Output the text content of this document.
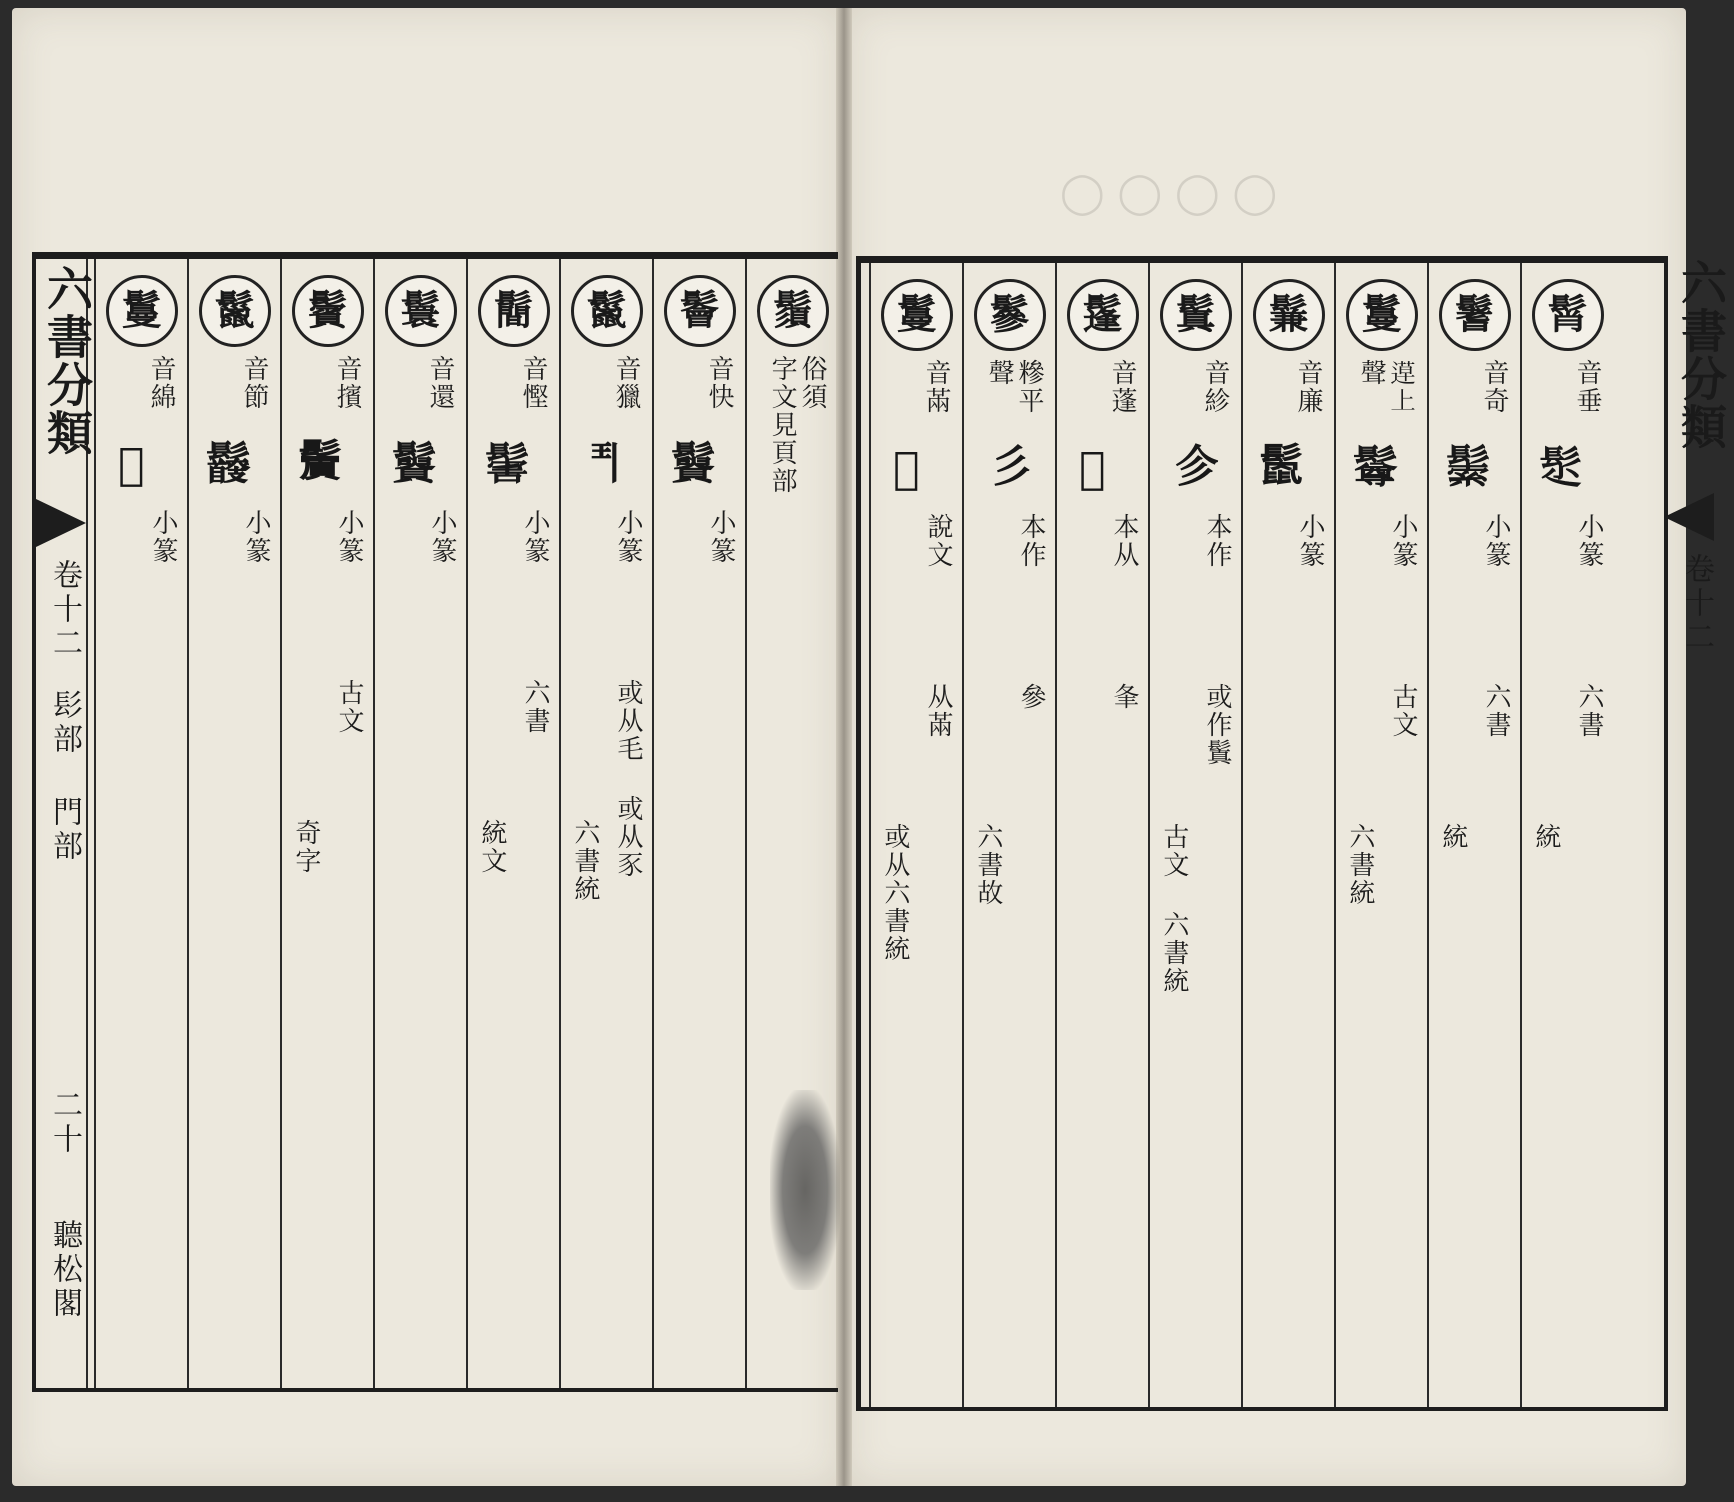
◯ ◯ ◯ ◯
六書分類
卷十二
髟部 門部
二十
聽松閣
鬚
俗須
字文見頁部
鬠
音快
𩯿
小篆
鬣
音獵
𩰊
小篆
或从毛 或从豕
六書統
鬝
音慳
𩮝
小篆
六書
統文
鬟
音還
𩯿
小篆
鬢
音擯
𩯭
小篆
古文
奇字
鬣
音節
𩰇
小篆
鬘
音綿
𩯷
小篆
鬘
音㒼
𩭹
說文
从㒼
或从六書統
鬖
糝平
聲
彡
本作
參
六書故
鬔
音蓬
𩯮
本从
夆
鬒
音紾
㐱
本作
或作鬒
古文 六書統
鬑
音廉
𩮻
小篆
鬘
𨕡上
聲
𩯄
小篆
古文
六書統
鬐
音奇
𩮛
小篆
六書
統
髾
音垂
𩬄
小篆
六書
統
六書分類
卷十二
